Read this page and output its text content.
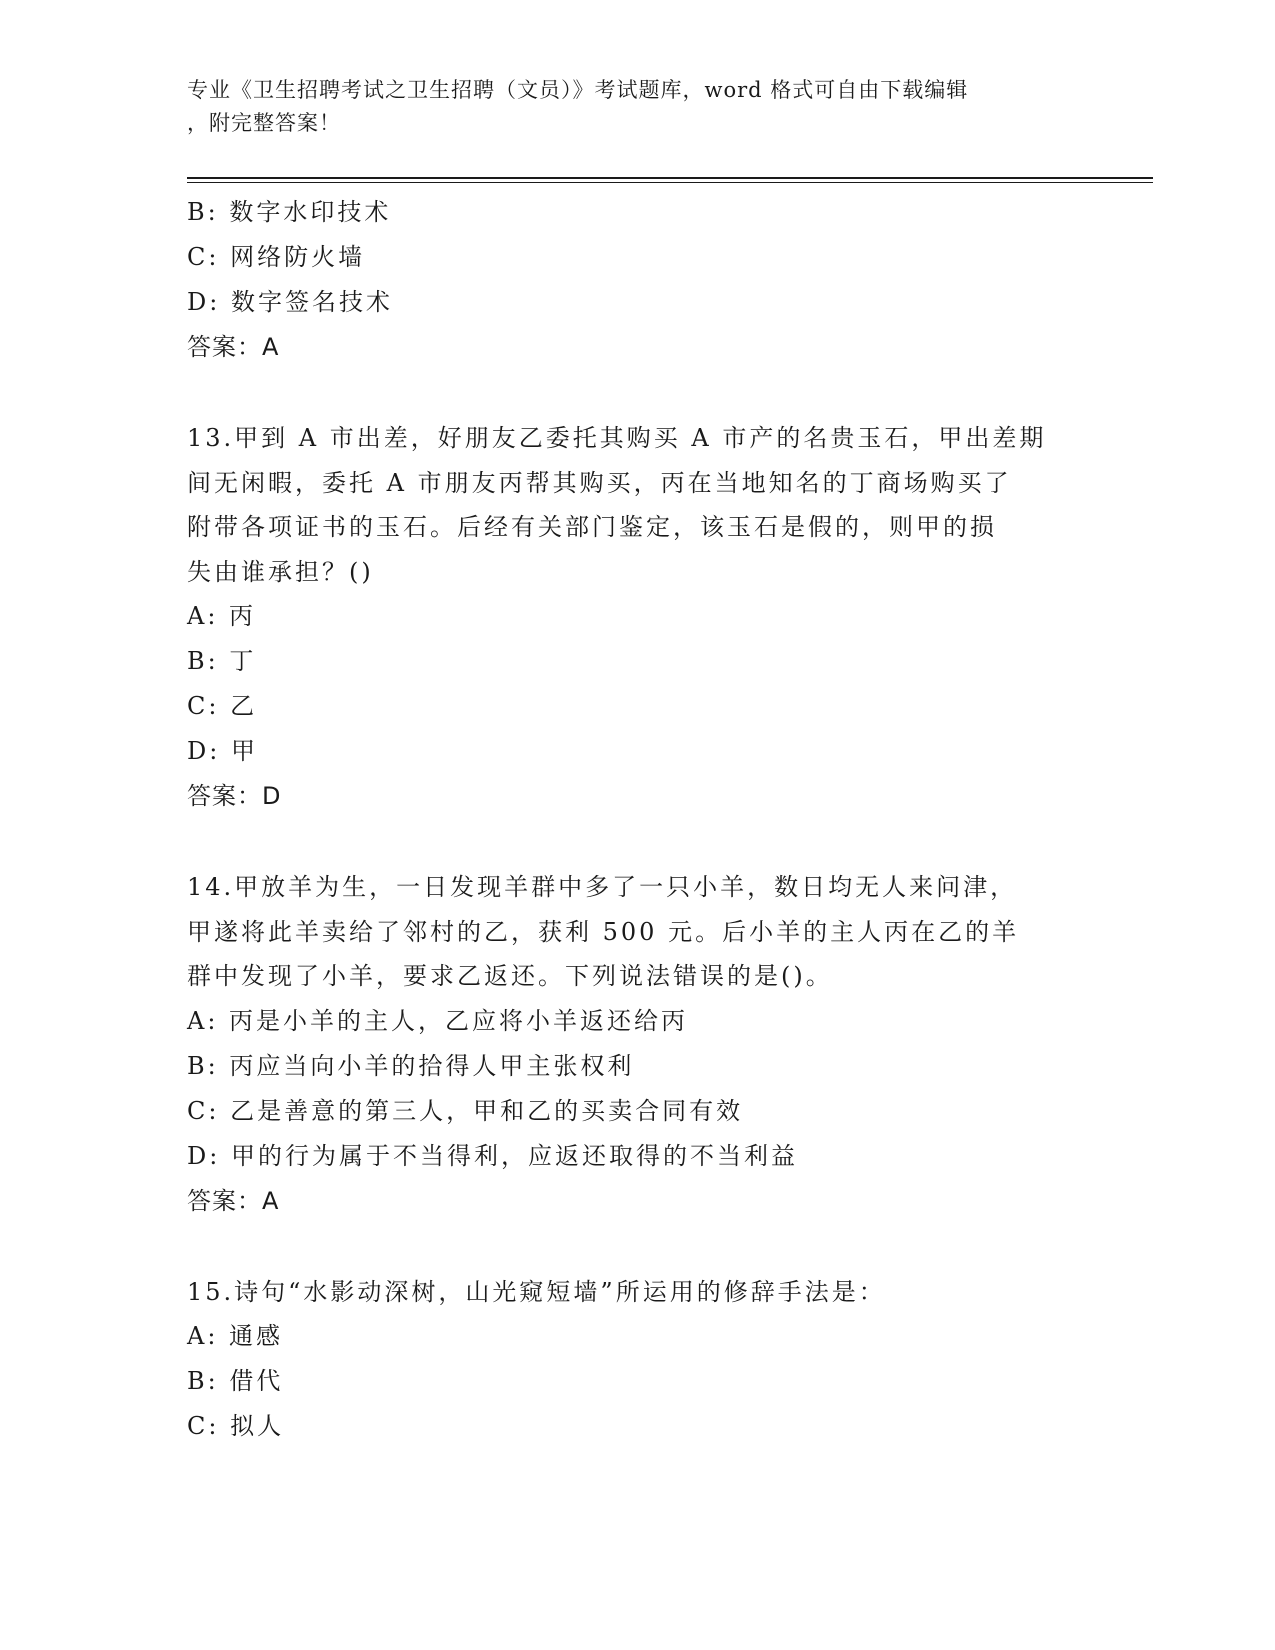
专业《卫生招聘考试之卫生招聘（文员）》考试题库，word 格式可自由下载编辑
，附完整答案！
B: 数字水印技术
C: 网络防火墙
D: 数字签名技术
答案：A
13.甲到 A 市出差，好朋友乙委托其购买 A 市产的名贵玉石，甲出差期
间无闲暇，委托 A 市朋友丙帮其购买，丙在当地知名的丁商场购买了
附带各项证书的玉石。后经有关部门鉴定，该玉石是假的，则甲的损
失由谁承担？()
A: 丙
B: 丁
C: 乙
D: 甲
答案：D
14.甲放羊为生，一日发现羊群中多了一只小羊，数日均无人来问津，
甲遂将此羊卖给了邻村的乙，获利 500 元。后小羊的主人丙在乙的羊
群中发现了小羊，要求乙返还。下列说法错误的是()。
A: 丙是小羊的主人，乙应将小羊返还给丙
B: 丙应当向小羊的拾得人甲主张权利
C: 乙是善意的第三人，甲和乙的买卖合同有效
D: 甲的行为属于不当得利，应返还取得的不当利益
答案：A
15.诗句“水影动深树，山光窥短墙”所运用的修辞手法是：
A: 通感
B: 借代
C: 拟人
